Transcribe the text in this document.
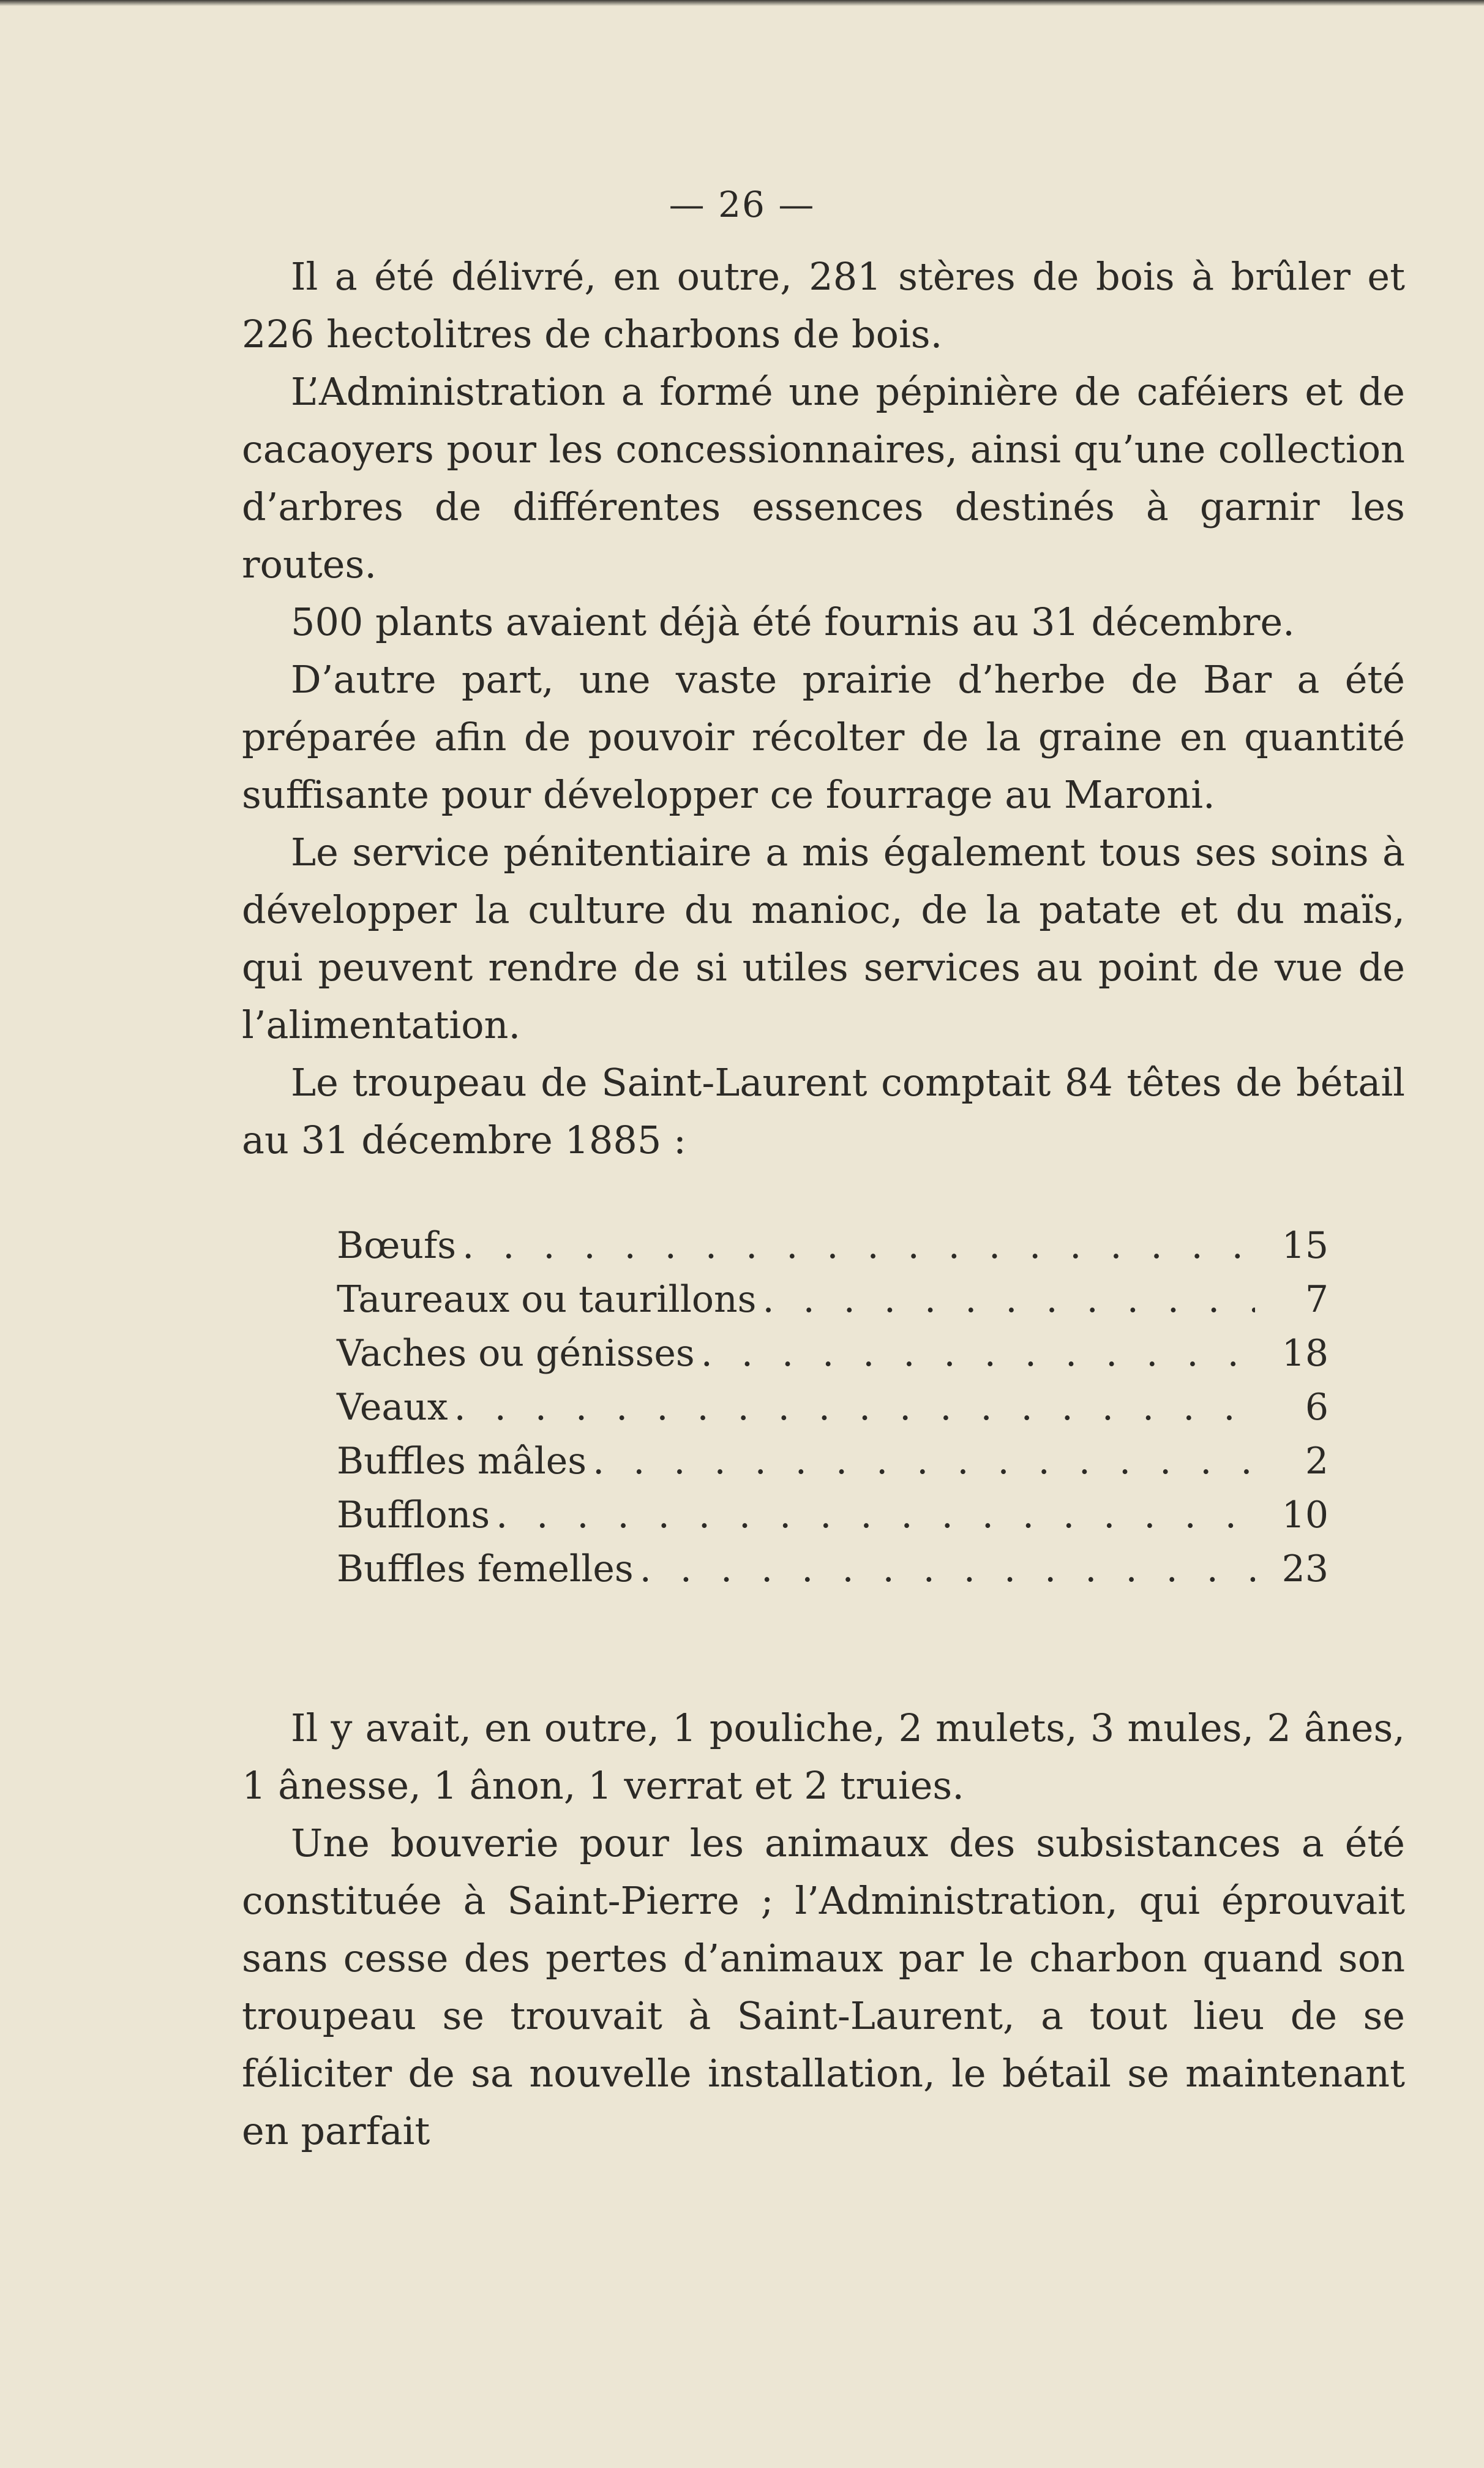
— 26 —

Il a été délivré, en outre, 281 stères de bois à brûler et 226 hectolitres de charbons de bois.

L’Administration a formé une pépinière de caféiers et de cacaoyers pour les concessionnaires, ainsi qu’une collection d’arbres de différentes essences destinés à garnir les routes.

500 plants avaient déjà été fournis au 31 décembre.

D’autre part, une vaste prairie d’herbe de Bar a été préparée afin de pouvoir récolter de la graine en quantité suffisante pour développer ce fourrage au Maroni.

Le service pénitentiaire a mis également tous ses soins à développer la culture du manioc, de la patate et du maïs, qui peuvent rendre de si utiles services au point de vue de l’alimentation.

Le troupeau de Saint-Laurent comptait 84 têtes de bétail au 31 décembre 1885 :

Bœufs . . .	15
Taureaux ou taurillons . . .	7
Vaches ou génisses . . .	18
Veaux . . .	6
Buffles mâles . . .	2
Bufflons . . .	10
Buffles femelles . . .	23

Il y avait, en outre, 1 pouliche, 2 mulets, 3 mules, 2 ânes, 1 ânesse, 1 ânon, 1 verrat et 2 truies.

Une bouverie pour les animaux des subsistances a été constituée à Saint-Pierre ; l’Administration, qui éprouvait sans cesse des pertes d’animaux par le charbon quand son troupeau se trouvait à Saint-Laurent, a tout lieu de se féliciter de sa nouvelle installation, le bétail se maintenant en parfait
